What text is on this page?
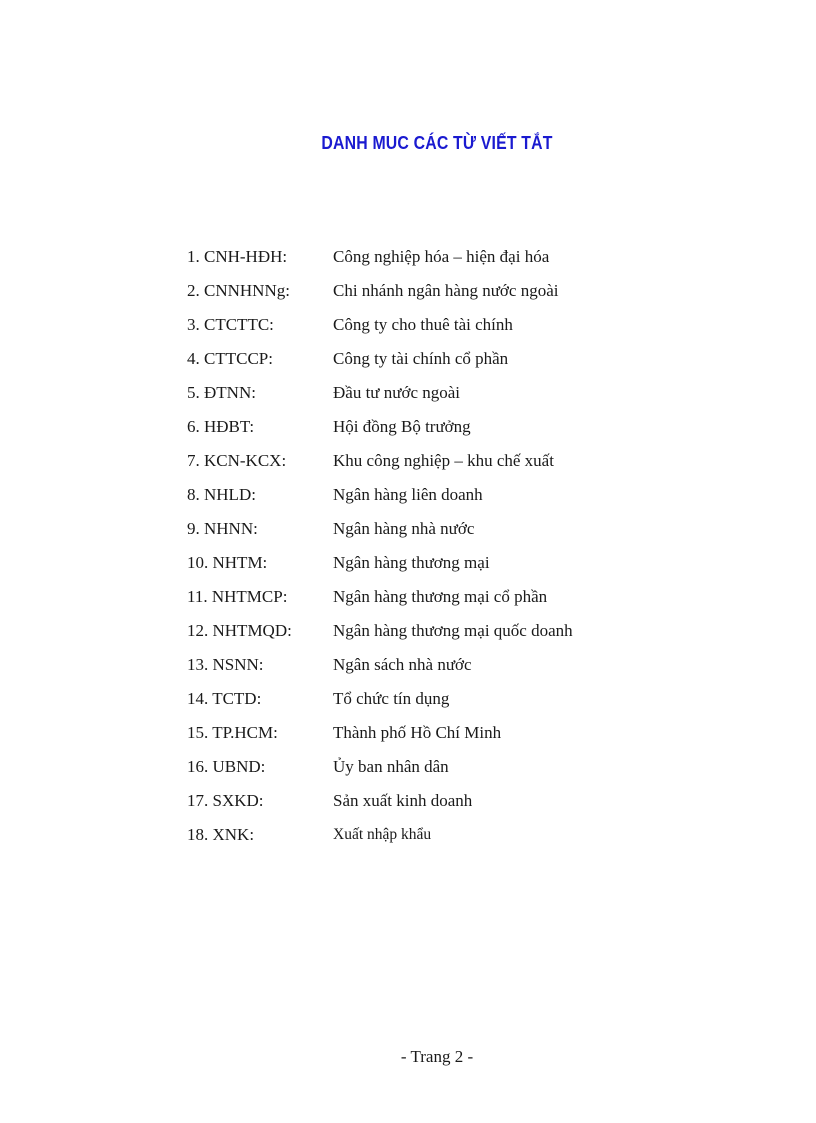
DANH MUC CÁC TỪ VIẾT TẮT
1. CNH-HĐH:	Công nghiệp hóa – hiện đại hóa
2. CNNHNNg:	Chi nhánh ngân hàng nước ngoài
3. CTCTTC:	Công ty cho thuê tài chính
4. CTTCCP:	Công ty tài chính cổ phần
5. ĐTNN:	Đầu tư nước ngoài
6. HĐBT:	Hội đồng Bộ trưởng
7. KCN-KCX:	Khu công nghiệp – khu chế xuất
8. NHLD:	Ngân hàng liên doanh
9. NHNN:	Ngân hàng nhà nước
10. NHTM:	Ngân hàng thương mại
11. NHTMCP:	Ngân hàng thương mại cổ phần
12. NHTMQD:	Ngân hàng thương mại quốc doanh
13. NSNN:	Ngân sách nhà nước
14. TCTD:	Tổ chức tín dụng
15. TP.HCM:	Thành phố Hồ Chí Minh
16. UBND:	Ủy ban nhân dân
17. SXKD:	Sản xuất kinh doanh
18. XNK:	Xuất nhập khẩu
- Trang 2 -
